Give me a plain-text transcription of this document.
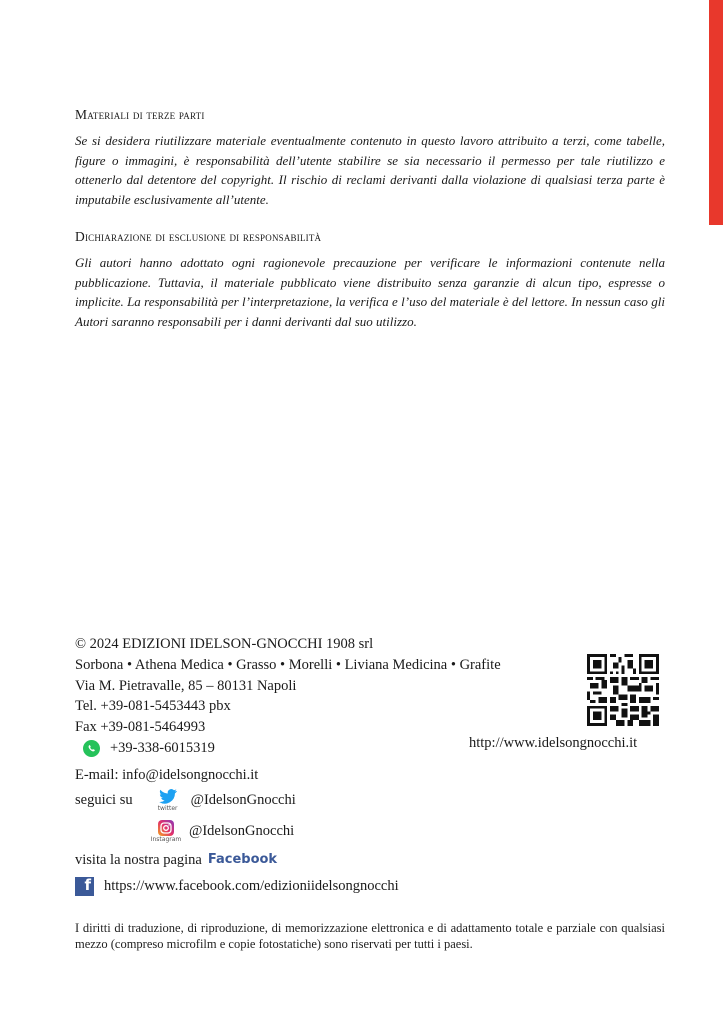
Materiali di terze parti

Se si desidera riutilizzare materiale eventualmente contenuto in questo lavoro attribuito a terzi, come tabelle, figure o immagini, è responsabilità dell’utente stabilire se sia necessario il permesso per tale riutilizzo e ottenerlo dal detentore del copyright. Il rischio di reclami derivanti dalla violazione di qualsiasi terza parte è imputabile esclusivamente all’utente.

Dichiarazione di esclusione di responsabilità

Gli autori hanno adottato ogni ragionevole precauzione per verificare le informazioni contenute nella pubblicazione. Tuttavia, il materiale pubblicato viene distribuito senza garanzie di alcun tipo, espresse o implicite. La responsabilità per l’interpretazione, la verifica e l’uso del materiale è del lettore. In nessun caso gli Autori saranno responsabili per i danni derivanti dal suo utilizzo.

© 2024 EDIZIONI IDELSON-GNOCCHI 1908 srl
Sorbona • Athena Medica • Grasso • Morelli • Liviana Medicina • Grafite
Via M. Pietravalle, 85 – 80131 Napoli
Tel. +39-081-5453443 pbx
Fax +39-081-5464993
+39-338-6015319
E-mail: info@idelsongnocchi.it
seguici su
twitter
@IdelsonGnocchi
Instagram
@IdelsonGnocchi
visita la nostra pagina Facebook
f https://www.facebook.com/edizioniidelsongnocchi
http://www.idelsongnocchi.it
I diritti di traduzione, di riproduzione, di memorizzazione elettronica e di adattamento totale e parziale con qualsiasi mezzo (compreso microfilm e copie fotostatiche) sono riservati per tutti i paesi.
